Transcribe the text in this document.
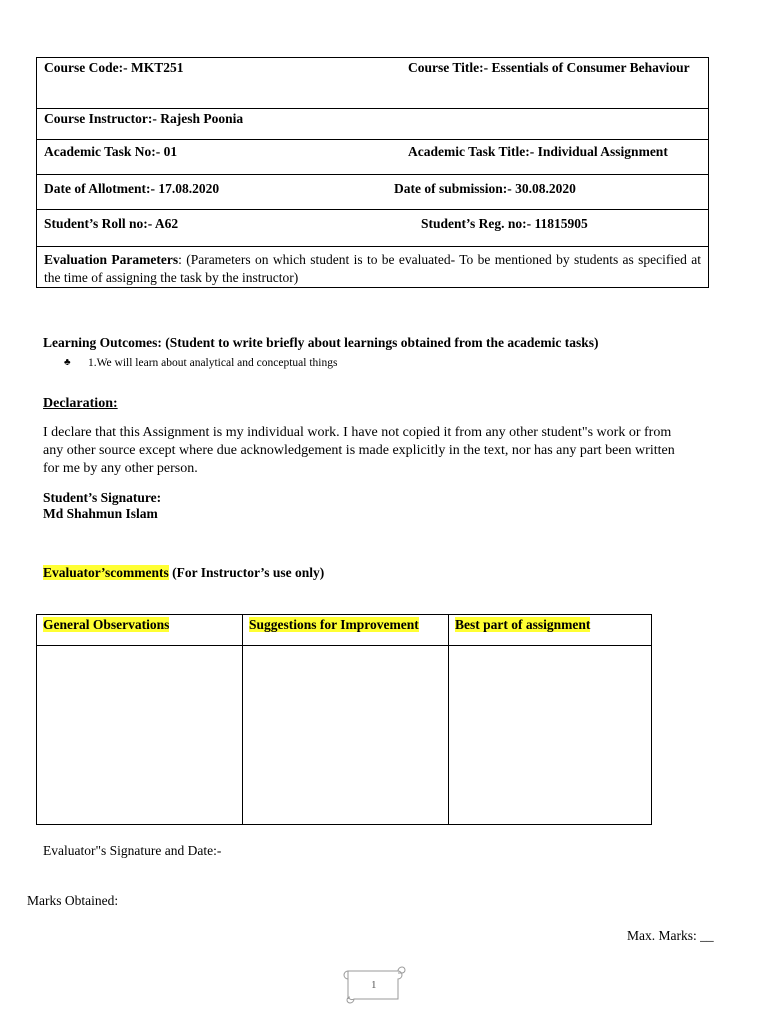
Course Code:- MKT251	Course Title:- Essentials of Consumer Behaviour

Course Instructor:- Rajesh Poonia
Academic Task No:- 01	Academic Task Title:- Individual Assignment

Date of Allotment:- 17.08.2020	Date of submission:- 30.08.2020

Student’s Roll no:- A62	Student’s Reg. no:- 11815905

Evaluation Parameters: (Parameters on which student is to be evaluated- To be mentioned by students as specified at the time of assigning the task by the instructor)
Learning Outcomes: (Student to write briefly about learnings obtained from the academic tasks)
♣ 1.We will learn about analytical and conceptual things
Declaration:
I declare that this Assignment is my individual work. I have not copied it from any other student"s work or from any other source except where due acknowledgement is made explicitly in the text, nor has any part been written for me by any other person.
Student’s Signature:
Md Shahmun Islam
Evaluator’scomments (For Instructor’s use only)
General Observations	Suggestions for Improvement	Best part of assignment

Evaluator"s Signature and Date:-
Marks Obtained:
Max. Marks: __
1
